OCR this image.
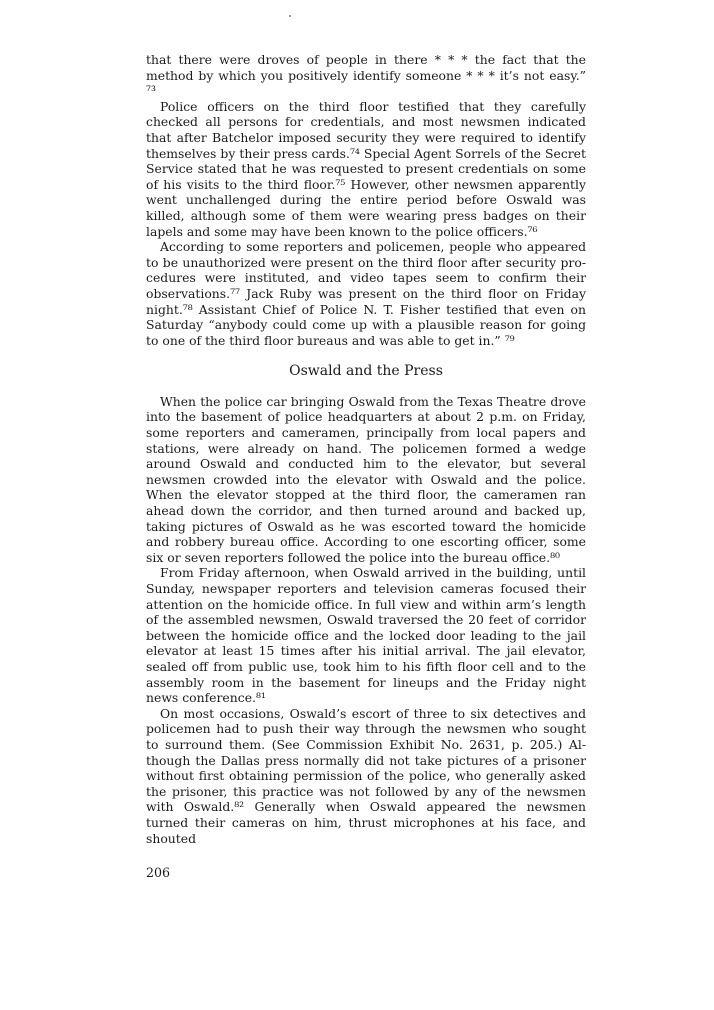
that there were droves of people in there * * * the fact that the method by which you positively identify someone * * * it’s not easy.” ⁷³

Police officers on the third floor testified that they carefully checked all persons for credentials, and most newsmen indicated that after Batchelor imposed security they were required to identify themselves by their press cards.⁷⁴ Special Agent Sorrels of the Secret Service stated that he was requested to present credentials on some of his visits to the third floor.⁷⁵ However, other newsmen apparently went unchallenged during the entire period before Oswald was killed, although some of them were wearing press badges on their lapels and some may have been known to the police officers.⁷⁶

According to some reporters and policemen, people who appeared to be unauthorized were present on the third floor after security procedures were instituted, and video tapes seem to confirm their observations.⁷⁷ Jack Ruby was present on the third floor on Friday night.⁷⁸ Assistant Chief of Police N. T. Fisher testified that even on Saturday “anybody could come up with a plausible reason for going to one of the third floor bureaus and was able to get in.” ⁷⁹

Oswald and the Press

When the police car bringing Oswald from the Texas Theatre drove into the basement of police headquarters at about 2 p.m. on Friday, some reporters and cameramen, principally from local papers and stations, were already on hand. The policemen formed a wedge around Oswald and conducted him to the elevator, but several newsmen crowded into the elevator with Oswald and the police. When the elevator stopped at the third floor, the cameramen ran ahead down the corridor, and then turned around and backed up, taking pictures of Oswald as he was escorted toward the homicide and robbery bureau office. According to one escorting officer, some six or seven reporters followed the police into the bureau office.⁸⁰

From Friday afternoon, when Oswald arrived in the building, until Sunday, newspaper reporters and television cameras focused their attention on the homicide office. In full view and within arm’s length of the assembled newsmen, Oswald traversed the 20 feet of corridor between the homicide office and the locked door leading to the jail elevator at least 15 times after his initial arrival. The jail elevator, sealed off from public use, took him to his fifth floor cell and to the assembly room in the basement for lineups and the Friday night news conference.⁸¹

On most occasions, Oswald’s escort of three to six detectives and policemen had to push their way through the newsmen who sought to surround them. (See Commission Exhibit No. 2631, p. 205.) Although the Dallas press normally did not take pictures of a prisoner without first obtaining permission of the police, who generally asked the prisoner, this practice was not followed by any of the newsmen with Oswald.⁸² Generally when Oswald appeared the newsmen turned their cameras on him, thrust microphones at his face, and shouted

206
